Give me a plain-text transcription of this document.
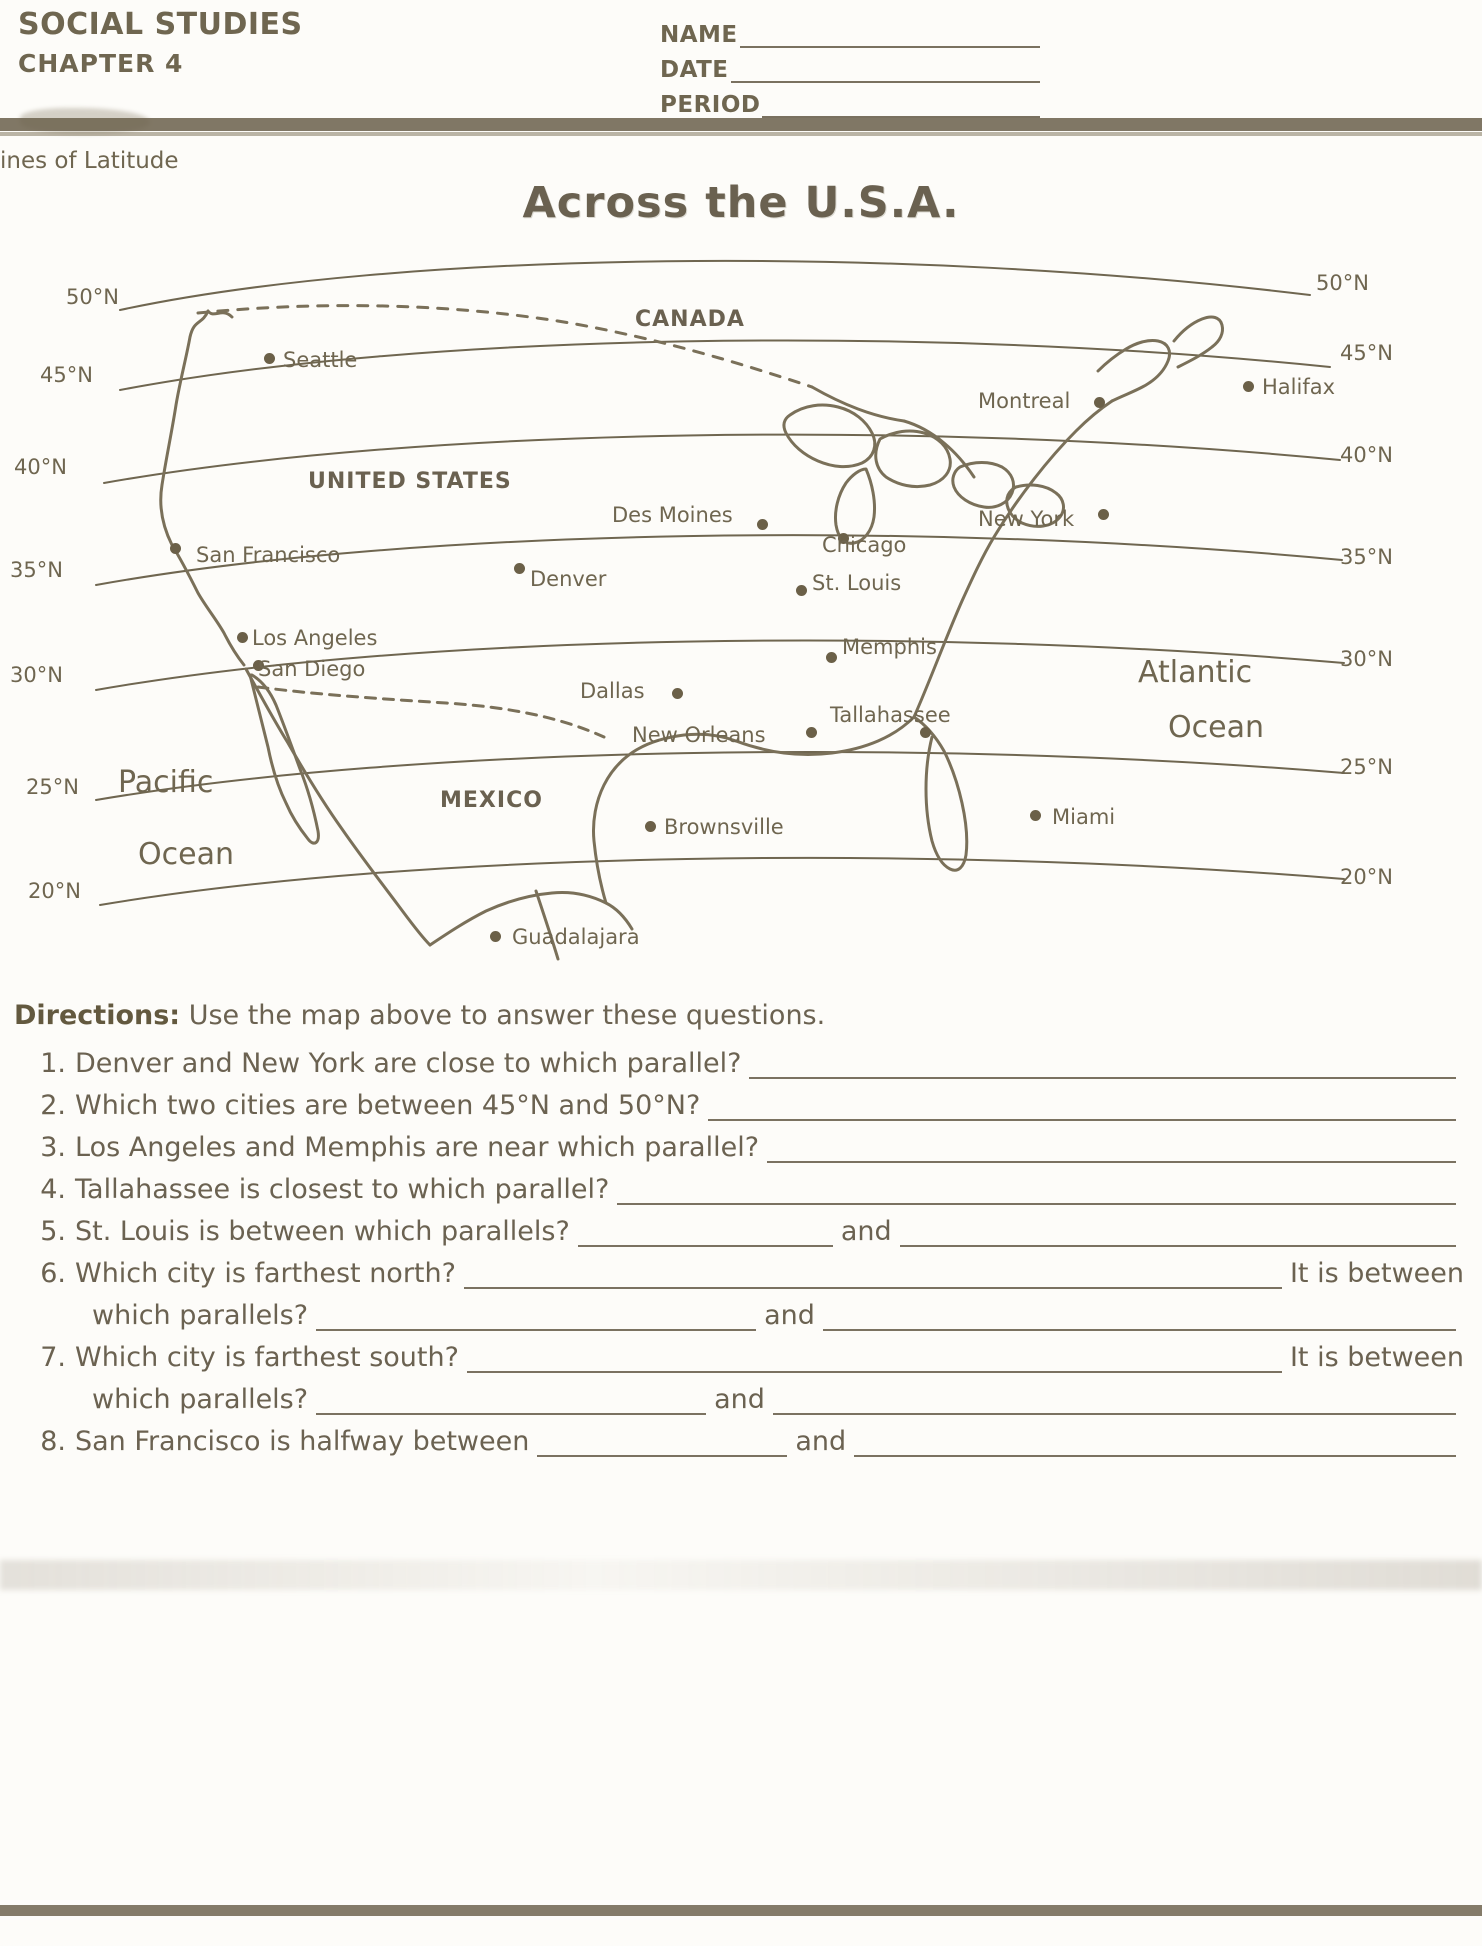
SOCIAL STUDIES
CHAPTER 4
NAME
DATE
PERIOD
ines of Latitude
Across the U.S.A.
50°N
45°N
40°N
35°N
30°N
25°N
20°N
50°N
45°N
40°N
35°N
30°N
25°N
20°N
CANADA
UNITED STATES
MEXICO
Pacific
Ocean
Atlantic
Ocean
Seattle
Montreal
Halifax
Des Moines
Chicago
New York
San Francisco
Denver	St. Louis
Los Angeles
San Diego
Memphis
Dallas
New Orleans
Tallahassee
Brownsville	Miami
Guadalajara
Directions: Use the map above to answer these questions.
1. Denver and New York are close to which parallel?
2. Which two cities are between 45°N and 50°N?
3. Los Angeles and Memphis are near which parallel?
4. Tallahassee is closest to which parallel?
5. St. Louis is between which parallels?	and
6. Which city is farthest north?	It is between
which parallels?	and
7. Which city is farthest south?	It is between
which parallels?	and
8. San Francisco is halfway between	and
